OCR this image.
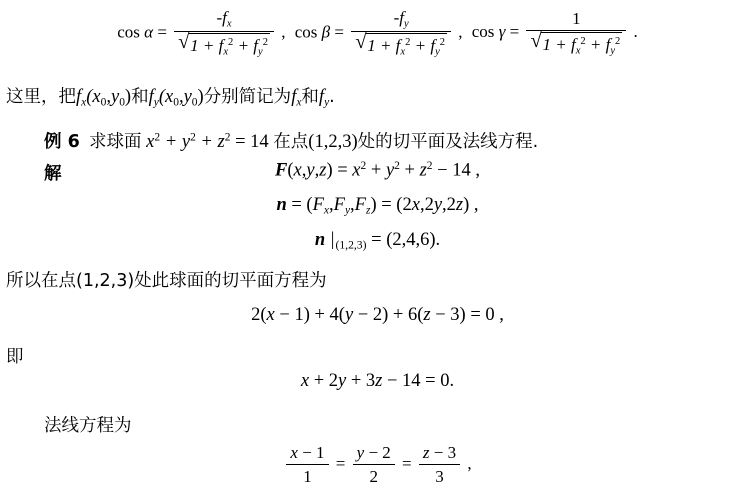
$\cos \alpha = -f_x$
√ $1 + f_x^2 + f_y^2$ , $\cos \beta = -f_y$
√ $1 + f_x^2 + f_y^2$ , cos γ = 1
√ $1 + f_x^2 + f_y^2$ .
这里，把$f_x(x_0,y_0)$和$f_y(x_0,y_0)$分别简记为$f_x$和$f_y$.
例 6 求球面 $x^2 + y^2 + z^2 = 14$ 在点(1,2,3)处的切平面及法线方程.
解	$F(x,y,z) = x^2 + y^2 + z^2 - 14$ ,
$n = (F_x,F_y,F_z) = (2x,2y,2z)$ ,
n |(1,2,3) = (2,4,6).
所以在点(1,2,3)处此球面的切平面方程为
2(x − 1) + 4(y − 2) + 6(z − 3) = 0 ,
即
x + 2y + 3z − 14 = 0.
法线方程为
$\frac{x - 1}{1} = \frac{y - 2}{2} = \frac{z - 3}{3}$ ,
